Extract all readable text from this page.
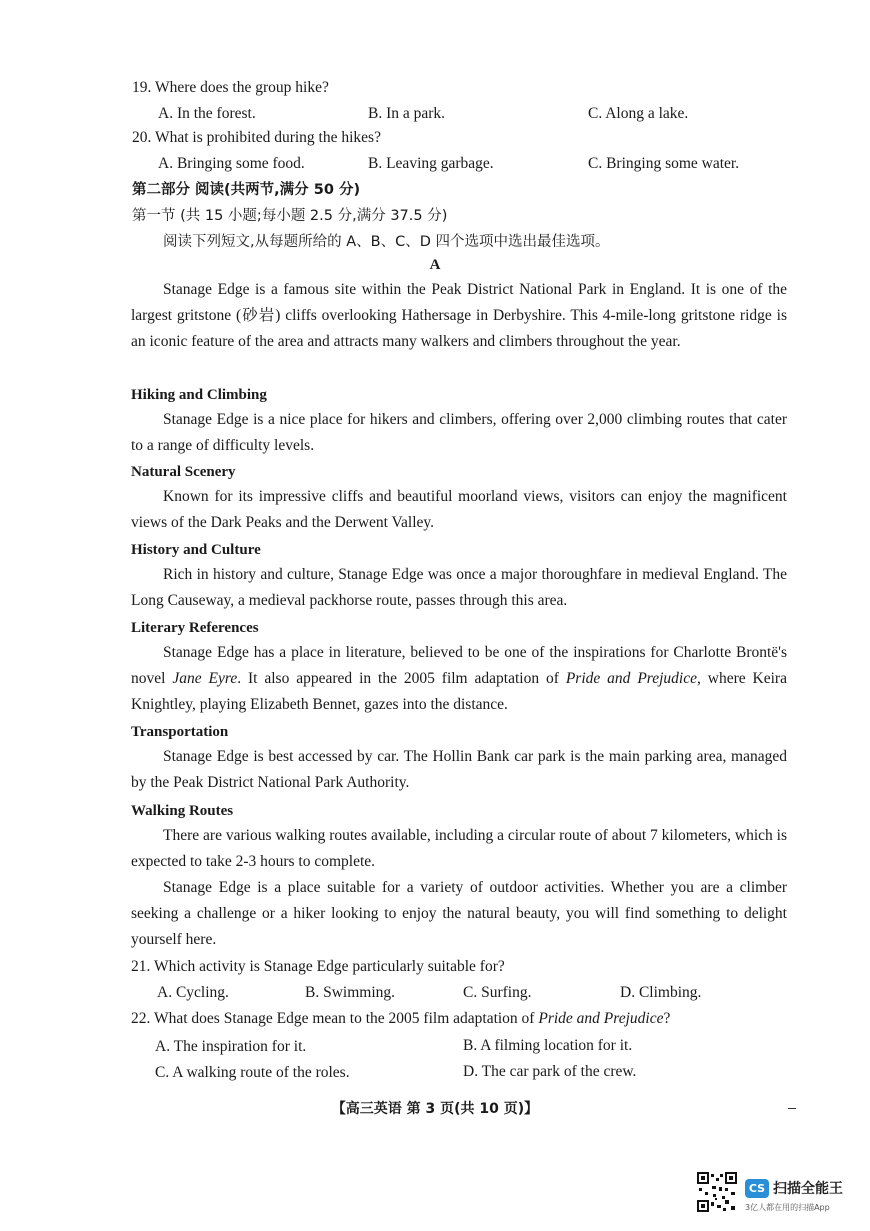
19. Where does the group hike?
A. In the forest.	B. In a park.	C. Along a lake.
20. What is prohibited during the hikes?
A. Bringing some food.	B. Leaving garbage.	C. Bringing some water.
第二部分 阅读(共两节,满分 50 分)
第一节 (共 15 小题;每小题 2.5 分,满分 37.5 分)
阅读下列短文,从每题所给的 A、B、C、D 四个选项中选出最佳选项。
A

Stanage Edge is a famous site within the Peak District National Park in England. It is one of the largest gritstone (砂岩) cliffs overlooking Hathersage in Derbyshire. This 4-mile-long gritstone ridge is an iconic feature of the area and attracts many walkers and climbers throughout the year.

Hiking and Climbing

Stanage Edge is a nice place for hikers and climbers, offering over 2,000 climbing routes that cater to a range of difficulty levels.

Natural Scenery

Known for its impressive cliffs and beautiful moorland views, visitors can enjoy the magnificent views of the Dark Peaks and the Derwent Valley.

History and Culture

Rich in history and culture, Stanage Edge was once a major thoroughfare in medieval England. The Long Causeway, a medieval packhorse route, passes through this area.

Literary References

Stanage Edge has a place in literature, believed to be one of the inspirations for Charlotte Brontë's novel Jane Eyre. It also appeared in the 2005 film adaptation of Pride and Prejudice, where Keira Knightley, playing Elizabeth Bennet, gazes into the distance.

Transportation

Stanage Edge is best accessed by car. The Hollin Bank car park is the main parking area, managed by the Peak District National Park Authority.

Walking Routes

There are various walking routes available, including a circular route of about 7 kilometers, which is expected to take 2-3 hours to complete.

Stanage Edge is a place suitable for a variety of outdoor activities. Whether you are a climber seeking a challenge or a hiker looking to enjoy the natural beauty, you will find something to delight yourself here.

21. Which activity is Stanage Edge particularly suitable for?
A. Cycling.	B. Swimming.	C. Surfing.	D. Climbing.
22. What does Stanage Edge mean to the 2005 film adaptation of Pride and Prejudice?
A. The inspiration for it.	B. A filming location for it.
C. A walking route of the roles.	D. The car park of the crew.
【高三英语 第 3 页(共 10 页)】
CS 扫描全能王
3亿人都在用的扫描App
